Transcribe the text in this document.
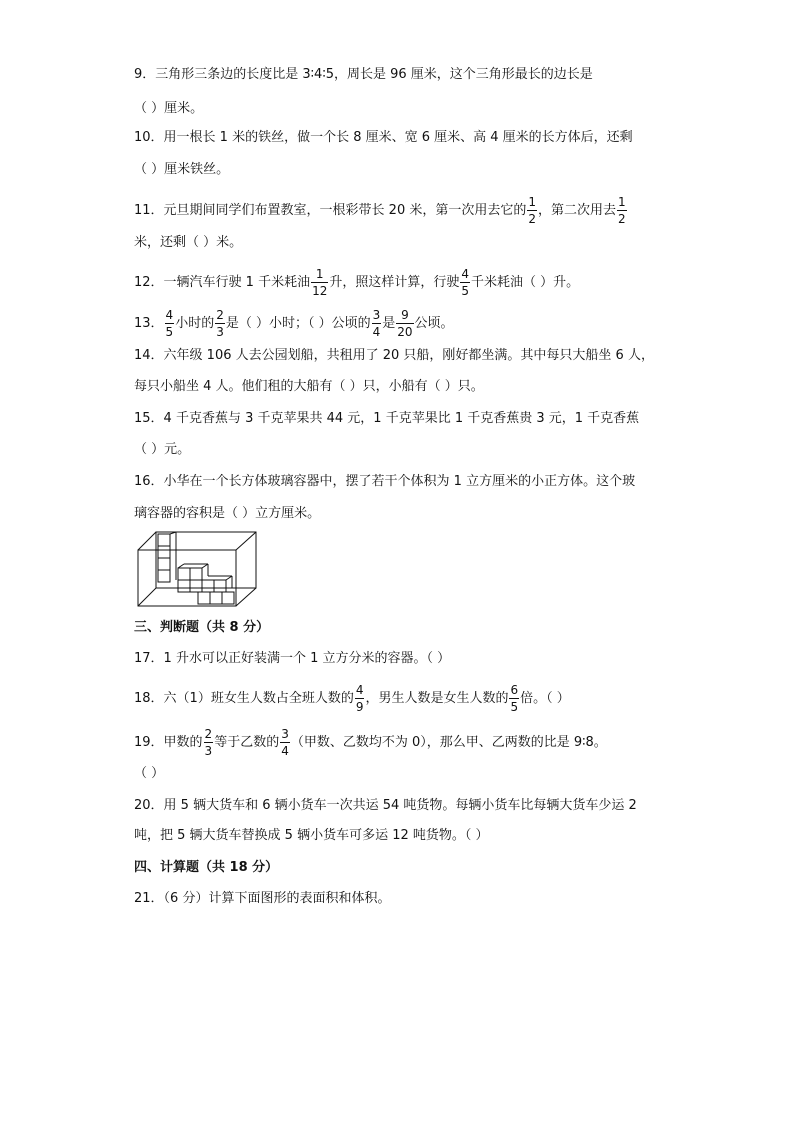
9．三角形三条边的长度比是 3∶4∶5，周长是 96 厘米，这个三角形最长的边长是
（ ）厘米。
10．用一根长 1 米的铁丝，做一个长 8 厘米、宽 6 厘米、高 4 厘米的长方体后，还剩
（ ）厘米铁丝。
11．元旦期间同学们布置教室，一根彩带长 20 米，第一次用去它的 $\frac{1}{2}$ ，第二次用去 $\frac{1}{2}$
米，还剩（ ）米。
12．一辆汽车行驶 1 千米耗油 $\frac{1}{12}$ 升，照这样计算，行驶 $\frac{4}{5}$ 千米耗油（ ）升。
13． $\frac{4}{5}$ 小时的 $\frac{2}{3}$ 是（ ）小时；（ ）公顷的 $\frac{3}{4}$ 是 $\frac{9}{20}$ 公顷。
14．六年级 106 人去公园划船，共租用了 20 只船，刚好都坐满。其中每只大船坐 6 人，
每只小船坐 4 人。他们租的大船有（ ）只，小船有（ ）只。
15．4 千克香蕉与 3 千克苹果共 44 元，1 千克苹果比 1 千克香蕉贵 3 元，1 千克香蕉
（ ）元。
16．小华在一个长方体玻璃容器中，摆了若干个体积为 1 立方厘米的小正方体。这个玻
璃容器的容积是（ ）立方厘米。
三、判断题（共 8 分）
17．1 升水可以正好装满一个 1 立方分米的容器。（ ）
18．六（1）班女生人数占全班人数的 $\frac{4}{9}$ ，男生人数是女生人数的 $\frac{6}{5}$ 倍。（ ）
19．甲数的 $\frac{2}{3}$ 等于乙数的 $\frac{3}{4}$ （甲数、乙数均不为 0），那么甲、乙两数的比是 9∶8。
（ ）
20．用 5 辆大货车和 6 辆小货车一次共运 54 吨货物。每辆小货车比每辆大货车少运 2
吨，把 5 辆大货车替换成 5 辆小货车可多运 12 吨货物。（ ）
四、计算题（共 18 分）
21．（6 分）计算下面图形的表面积和体积。
